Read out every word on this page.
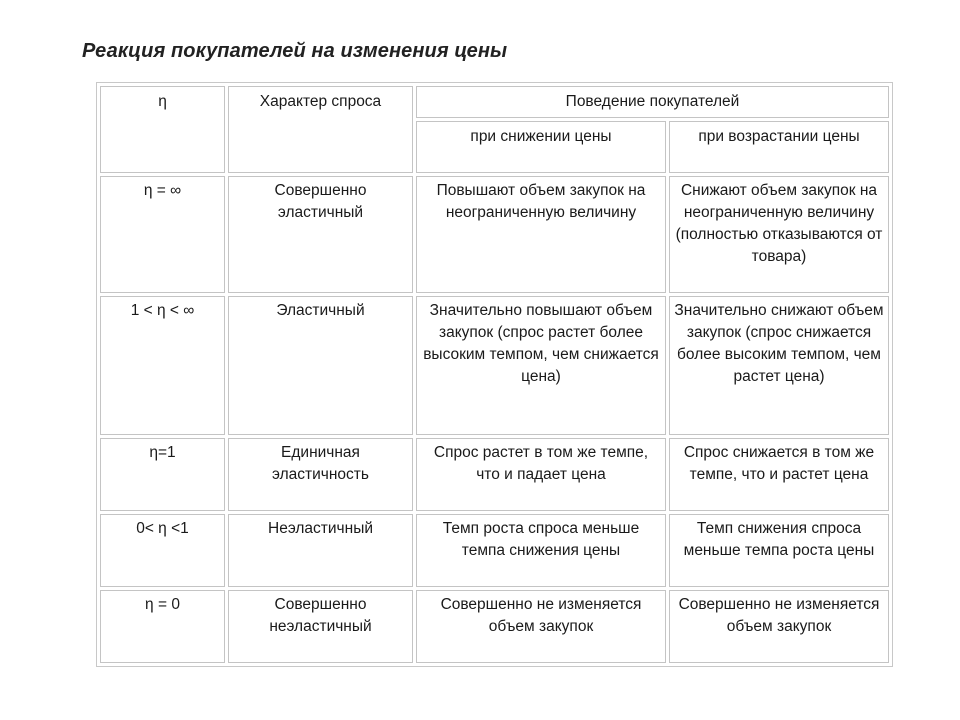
Реакция покупателей на изменения цены
η	Характер спроса	Поведение покупателей	
		при снижении цены	при возрастании цены
η = ∞	Совершенно эластичный	Повышают объем закупок на неограниченную величину	Снижают объем закупок на неограниченную величину (полностью отказываются от товара)
1 < η < ∞	Эластичный	Значительно повышают объем закупок (спрос растет более высоким темпом, чем снижается цена)	Значительно снижают объем закупок (спрос снижается более высоким темпом, чем растет цена)
η=1	Единичная эластичность	Спрос растет в том же темпе, что и падает цена	Спрос снижается в том же темпе, что и растет цена
0< η <1	Неэластичный	Темп роста спроса меньше темпа снижения цены	Темп снижения спроса меньше темпа роста цены
η = 0	Совершенно неэластичный	Совершенно не изменяется объем закупок	Совершенно не изменяется объем закупок
